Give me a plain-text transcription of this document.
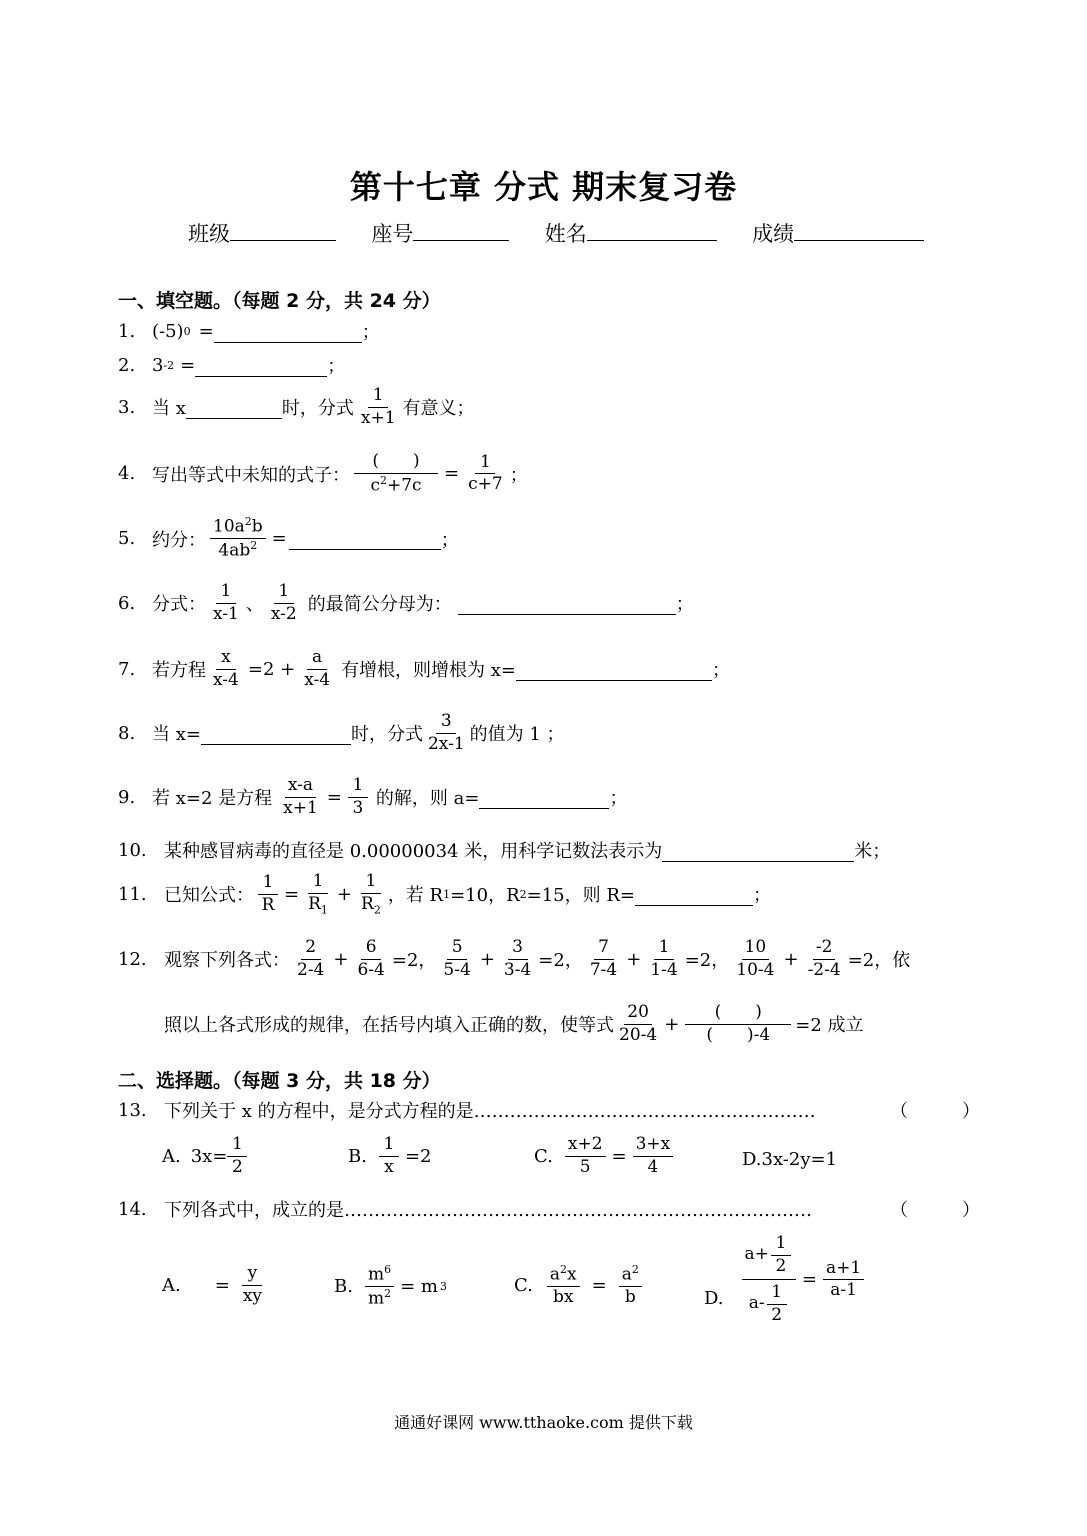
第十七章 分式 期末复习卷
班级	座号	姓名	成绩
一、填空题。（每题 2 分，共 24 分）
1. (-5) 0 =	；
2. 3 -2 =	；
3. 当 x	时，分式 $\frac{1}{x+1}$ 有意义；
4. 写出等式中未知的式子： $\frac{( )}{c^2+7c} = \frac{1}{c+7}$ ；
5. 约分： $\frac{10a^2b}{4ab^2}$ =	；
6. 分式： $\frac{1}{x-1}$ 、 $\frac{1}{x-2}$ 的最简公分母为：	；
7. 若方程 $\frac{x}{x-4} =2 + \frac{a}{x-4}$ 有增根，则增根为 x=	；
8. 当 x=	时，分式 $\frac{3}{2x-1}$ 的值为 1 ；
9. 若 x=2 是方程 $\frac{x-a}{x+1} = \frac{1}{3}$ 的解，则 a=	；
10. 某种感冒病毒的直径是 0.00000034 米，用科学记数法表示为	米；
11. 已知公式： $\frac{1}{R} = \frac{1}{R_1} + \frac{1}{R_2}$ ，若 R 1 =10，R 2 =15，则 R=	；
12. 观察下列各式： $\frac{2}{2-4} + \frac{6}{6-4} =2$， $\frac{5}{5-4} + \frac{3}{3-4} =2$， $\frac{7}{7-4} + \frac{1}{1-4} =2$， $\frac{10}{10-4} + \frac{-2}{-2-4} =2$， 依
照以上各式形成的规律，在括号内填入正确的数，使等式 $\frac{20}{20-4} + \frac{( )}{( )-4} =2$ 成立
二、选择题。（每题 3 分，共 18 分）
13. 下列关于 x 的方程中，是分式方程的是…………………………………………………	（　　　）
A. $3x= \frac{1}{2}$	B. $\frac{1}{x} =2$	C. $\frac{x+2}{5} = \frac{3+x}{4}$	D. 3x-2y=1
14. 下列各式中，成立的是……………………………………………………………………	（　　　）
A. = $\frac{y}{xy}$	B. $\frac{m^6}{m^2} = m$ 3	C. $\frac{a^2x}{bx} = \frac{a^2}{b}$	D. $\frac{a+ \frac{1}{2}}{a- \frac{1}{2}} = \frac{a+1}{a-1}$
通通好课网 www.tthaoke.com 提供下载
